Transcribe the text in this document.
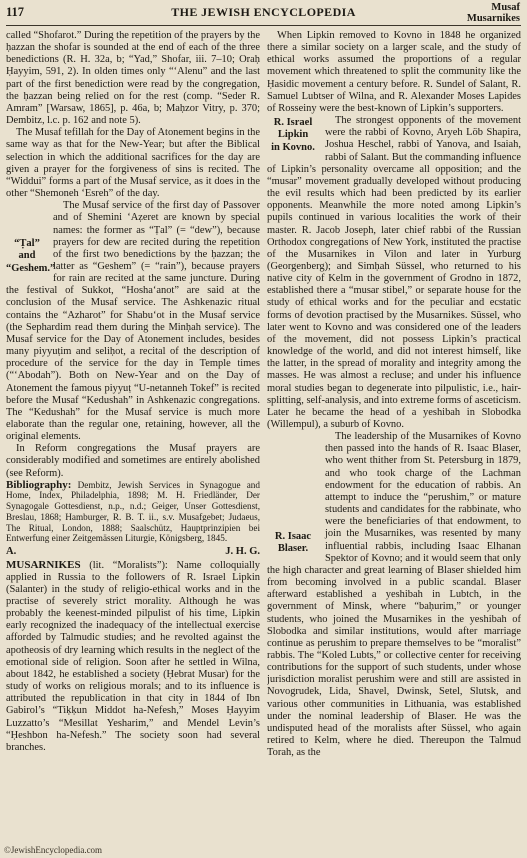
117	THE JEWISH ENCYCLOPEDIA	Musaf
Musarnikes

called “Shofarot.” During the repetition of the prayers by the ḥazzan the shofar is sounded at the end of each of the three benedictions (R. H. 32a, b; “Yad,” Shofar, iii. 7–10; Oraḥ Ḥayyim, 591, 2). In olden times only “‘Alenu” and the last part of the first benediction were read by the congregation, the ḥazzan being relied on for the rest (comp. “Seder R. Amram” [Warsaw, 1865], p. 46a, b; Maḥzor Vitry, p. 370; Dembitz, l.c. p. 162 and note 5).

The Musaf tefillah for the Day of Atonement begins in the same way as that for the New-Year; but after the Biblical selection in which the additional sacrifices for the day are given a prayer for the forgiveness of sins is recited. The “Widdui” forms a part of the Musaf service, as it does in the other “Shemoneh ‘Esreh” of the day.

“Ṭal” and
“Geshem.”

The Musaf service of the first day of Passover and of Shemini ‘Aẓeret are known by special names: the former as “Ṭal” (= “dew”), because prayers for dew are recited during the repetition of the first two benedictions by the ḥazzan; the latter as “Geshem” (= “rain”), because prayers for rain are recited at the same juncture. During the festival of Sukkot, “Hosha‘anot” are said at the conclusion of the Musaf service. The Ashkenazic ritual contains the “Azharot” for Shabu‘ot in the Musaf service (the Sephardim read them during the Minḥah service). The Musaf service for the Day of Atonement includes, besides many piyyuṭim and seliḥot, a recital of the description of procedure of the service for the day in Temple times (“‘Abodah”). Both on New-Year and on the Day of Atonement the famous piyyuṭ “U-netanneh Tokef” is recited before the Musaf “Kedushah” in Ashkenazic congregations. The “Kedushah” for the Musaf service is much more elaborate than the regular one, retaining, however, all the original elements.

In Reform congregations the Musaf prayers are considerably modified and sometimes are entirely abolished (see Reform).

Bibliography: Dembitz, Jewish Services in Synagogue and Home, Index, Philadelphia, 1898; M. H. Friedländer, Der Synagogale Gottesdienst, n.p., n.d.; Geiger, Unser Gottesdienst, Breslau, 1868; Hamburger, R. B. T. ii., s.v. Musafgebet; Judaeus, The Ritual, London, 1888; Saalschütz, Hauptprinzipien bei Entwerfung einer Zeitgemässen Liturgie, Königsberg, 1845.

A.	J. H. G.

MUSARNIKES (lit. “Moralists”): Name colloquially applied in Russia to the followers of R. Israel Lipkin (Salanter) in the study of religio-ethical works and in the practise of severely strict morality. Although he was probably the keenest-minded pilpulist of his time, Lipkin early recognized the inadequacy of the intellectual exercise afforded by Talmudic studies; and he revolted against the apotheosis of dry learning which results in the neglect of the emotional side of religion. Soon after he settled in Wilna, about 1842, he established a society (Ḥebrat Musar) for the study of works on religious morals; and to its influence is attributed the republication in that city in 1844 of Ibn Gabirol’s “Tiḳḳun Middot ha-Nefesh,” Moses Ḥayyim Luzzatto’s “Mesillat Yesharim,” and Mendel Levin’s “Ḥeshbon ha-Nefesh.” The society soon had several branches.

When Lipkin removed to Kovno in 1848 he organized there a similar society on a larger scale, and the study of ethical works assumed the proportions of a regular movement which threatened to split the community like the Ḥasidic movement a century before. R. Sundel of Salant, R. Samuel Lubtser of Wilna, and R. Alexander Moses Lapides of Rosseiny were the best-known of Lipkin’s supporters.

R. Israel
Lipkin
in Kovno.

The strongest opponents of the movement were the rabbi of Kovno, Aryeh Löb Shapira, Joshua Heschel, rabbi of Yanova, and Isaiah, rabbi of Salant. But the commanding influence of Lipkin’s personality overcame all opposition; and the “musar” movement gradually developed without producing the evil results which had been predicted by its earlier opponents. Meanwhile the more noted among Lipkin’s pupils continued in various localities the work of their master. R. Jacob Joseph, later chief rabbi of the Russian Orthodox congregations of New York, instituted the practise of the Musarnikes in Vilon and later in Yurburg (Georgenberg); and Simḥah Süssel, who returned to his native city of Kelm in the government of Grodno in 1872, established there a “musar stibel,” or separate house for the study of ethical works and for the peculiar and ecstatic forms of devotion practised by the Musarnikes. Süssel, who later went to Kovno and was considered one of the leaders of the movement, did not possess Lipkin’s practical knowledge of the world, and did not interest himself, like the latter, in the spread of morality and integrity among the masses. He was almost a recluse; and under his influence moral studies began to degenerate into pilpulistic, i.e., hair-splitting, self-analysis, and into extreme forms of asceticism. Later he became the head of a yeshibah in Slobodka (Willempul), a suburb of Kovno.

R. Isaac
Blaser.

The leadership of the Musarnikes of Kovno then passed into the hands of R. Isaac Blaser, who went thither from St. Petersburg in 1879, and who took charge of the Lachman endowment for the education of rabbis. An attempt to induce the “perushim,” or mature students and candidates for the rabbinate, who were the beneficiaries of that endowment, to join the Musarnikes, was resented by many influential rabbis, including Isaac Elhanan Spektor of Kovno; and it would seem that only the high character and great learning of Blaser shielded him from becoming involved in a public scandal. Blaser afterward established a yeshibah in Lubtch, in the government of Minsk, where “baḥurim,” or younger students, who joined the Musarnikes in the yeshibah of Slobodka and similar institutions, would after marriage continue as perushim to prepare themselves to be “moralist” rabbis. The “Koled Lubts,” or collective center for receiving contributions for the support of such students, under whose jurisdiction moralist perushim were and still are assisted in Novogrudek, Lida, Shavel, Dwinsk, Setel, Slutsk, and various other communities in Lithuania, was established under the nominal leadership of Blaser. He was the undisputed head of the moralists after Süssel, who again retired to Kelm, where he died. Thereupon the Talmud Torah, as the

©JewishEncyclopedia.com
